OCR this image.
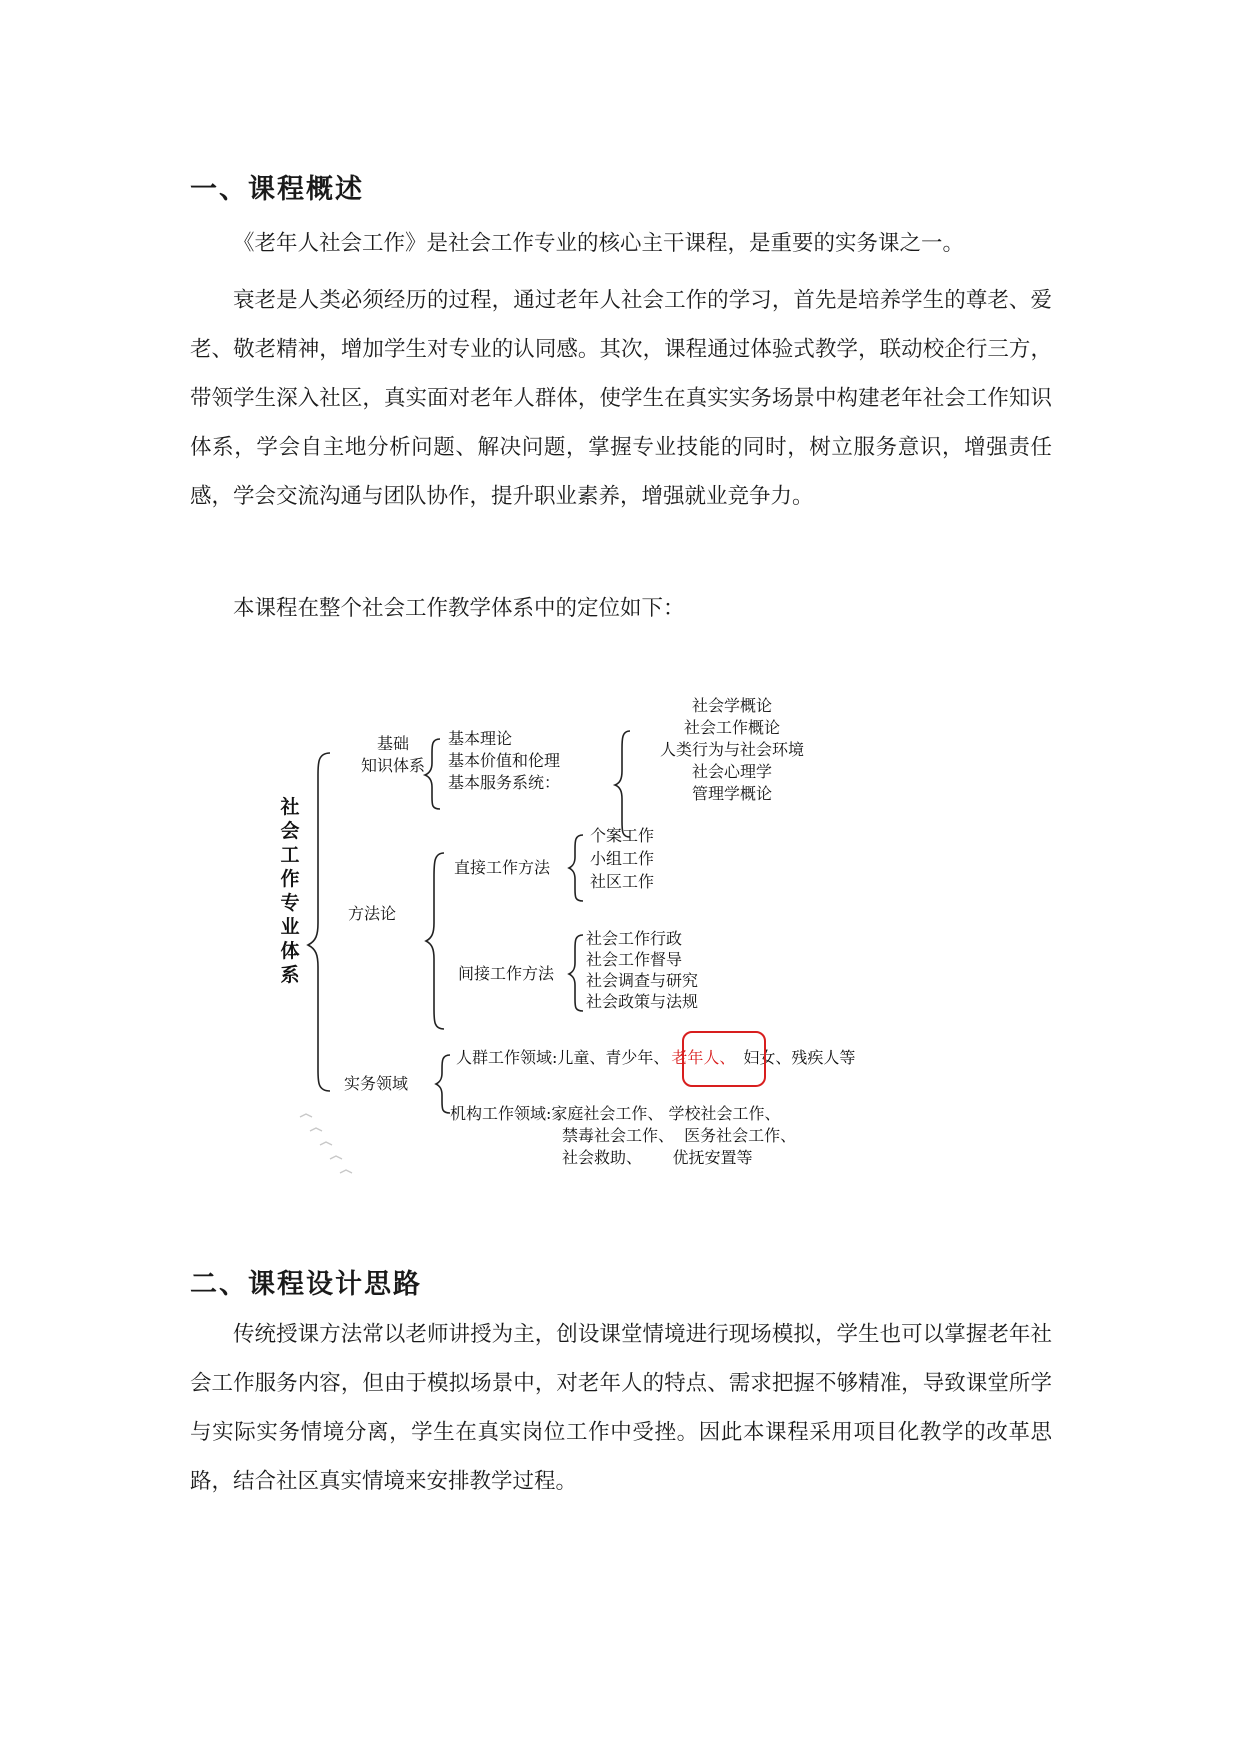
一、课程概述

《老年人社会工作》是社会工作专业的核心主干课程，是重要的实务课之一。

衰老是人类必须经历的过程，通过老年人社会工作的学习，首先是培养学生的尊老、爱老、敬老精神，增加学生对专业的认同感。其次，课程通过体验式教学，联动校企行三方，带领学生深入社区，真实面对老年人群体，使学生在真实实务场景中构建老年社会工作知识体系，学会自主地分析问题、解决问题，掌握专业技能的同时，树立服务意识，增强责任感，学会交流沟通与团队协作，提升职业素养，增强就业竞争力。

本课程在整个社会工作教学体系中的定位如下：

社会工作专业体系
基础
知识体系
基本理论
基本价值和伦理
基本服务系统：
社会学概论
社会工作概论
人类行为与社会环境
社会心理学
管理学概论
方法论
直接工作方法
个案工作
小组工作
社区工作
间接工作方法
社会工作行政
社会工作督导
社会调查与研究
社会政策与法规
实务领域
人群工作领域:儿童、青少年、 老年人、 妇女、残疾人等
机构工作领域:家庭社会工作、 学校社会工作、
禁毒社会工作、  医务社会工作、
社会救助、      优抚安置等
二、课程设计思路

传统授课方法常以老师讲授为主，创设课堂情境进行现场模拟，学生也可以掌握老年社会工作服务内容，但由于模拟场景中，对老年人的特点、需求把握不够精准，导致课堂所学与实际实务情境分离，学生在真实岗位工作中受挫。因此本课程采用项目化教学的改革思路，结合社区真实情境来安排教学过程。
